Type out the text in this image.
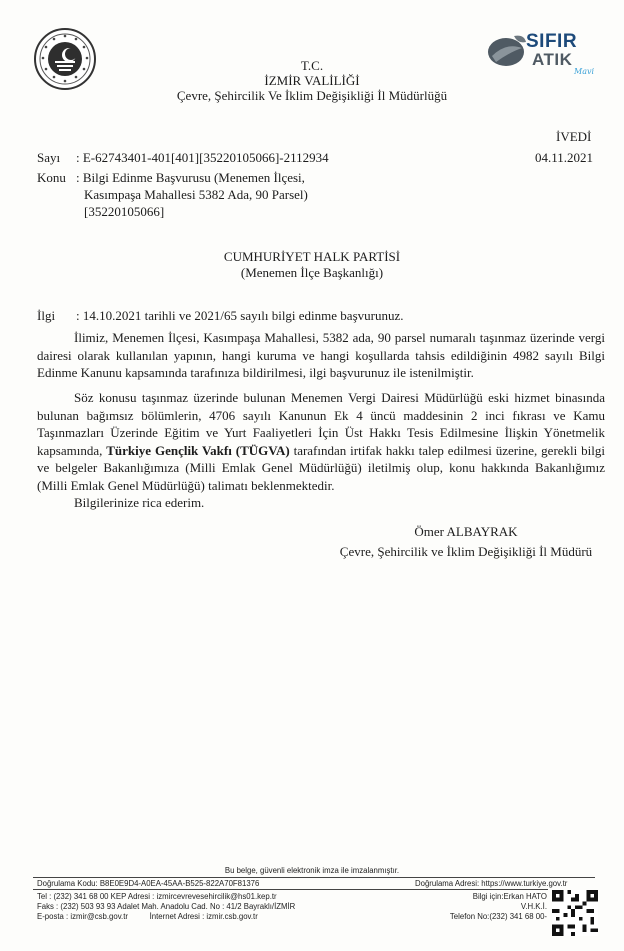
SIFIR
ATIK
Mavi
T.C.
İZMİR VALİLİĞİ
Çevre, Şehircilik Ve İklim Değişikliği İl Müdürlüğü
İVEDİ
Sayı : E-62743401-401[401][35220105066]-2112934	04.11.2021
Konu : Bilgi Edinme Başvurusu (Menemen İlçesi,
Kasımpaşa Mahallesi 5382 Ada, 90 Parsel)
[35220105066]
CUMHURİYET HALK PARTİSİ
(Menemen İlçe Başkanlığı)
İlgi : 14.10.2021 tarihli ve 2021/65 sayılı bilgi edinme başvurunuz.
İlimiz, Menemen İlçesi, Kasımpaşa Mahallesi, 5382 ada, 90 parsel numaralı taşınmaz üzerinde vergi dairesi olarak kullanılan yapının, hangi kuruma ve hangi koşullarda tahsis edildiğinin 4982 sayılı Bilgi Edinme Kanunu kapsamında tarafınıza bildirilmesi, ilgi başvurunuz ile istenilmiştir.
Söz konusu taşınmaz üzerinde bulunan Menemen Vergi Dairesi Müdürlüğü eski hizmet binasında bulunan bağımsız bölümlerin, 4706 sayılı Kanunun Ek 4 üncü maddesinin 2 inci fıkrası ve Kamu Taşınmazları Üzerinde Eğitim ve Yurt Faaliyetleri İçin Üst Hakkı Tesis Edilmesine İlişkin Yönetmelik kapsamında, Türkiye Gençlik Vakfı (TÜGVA) tarafından irtifak hakkı talep edilmesi üzerine, gerekli bilgi ve belgeler Bakanlığımıza (Milli Emlak Genel Müdürlüğü) iletilmiş olup, konu hakkında Bakanlığımız (Milli Emlak Genel Müdürlüğü) talimatı beklenmektedir.
Bilgilerinize rica ederim.
Ömer ALBAYRAK
Çevre, Şehircilik ve İklim Değişikliği İl Müdürü
Bu belge, güvenli elektronik imza ile imzalanmıştır.
Doğrulama Kodu: B8E0E9D4-A0EA-45AA-B525-822A70F81376	Doğrulama Adresi: https://www.turkiye.gov.tr
Tel : (232) 341 68 00 KEP Adresi : izmircevrevesehircilik@hs01.kep.tr
Faks : (232) 503 93 93 Adalet Mah. Anadolu Cad. No : 41/2 Bayraklı/İZMİR
E-posta : izmir@csb.gov.tr          İnternet Adresi : izmir.csb.gov.tr
Bilgi için:Erkan HATO
V.H.K.İ.
Telefon No:(232) 341 68 00-
